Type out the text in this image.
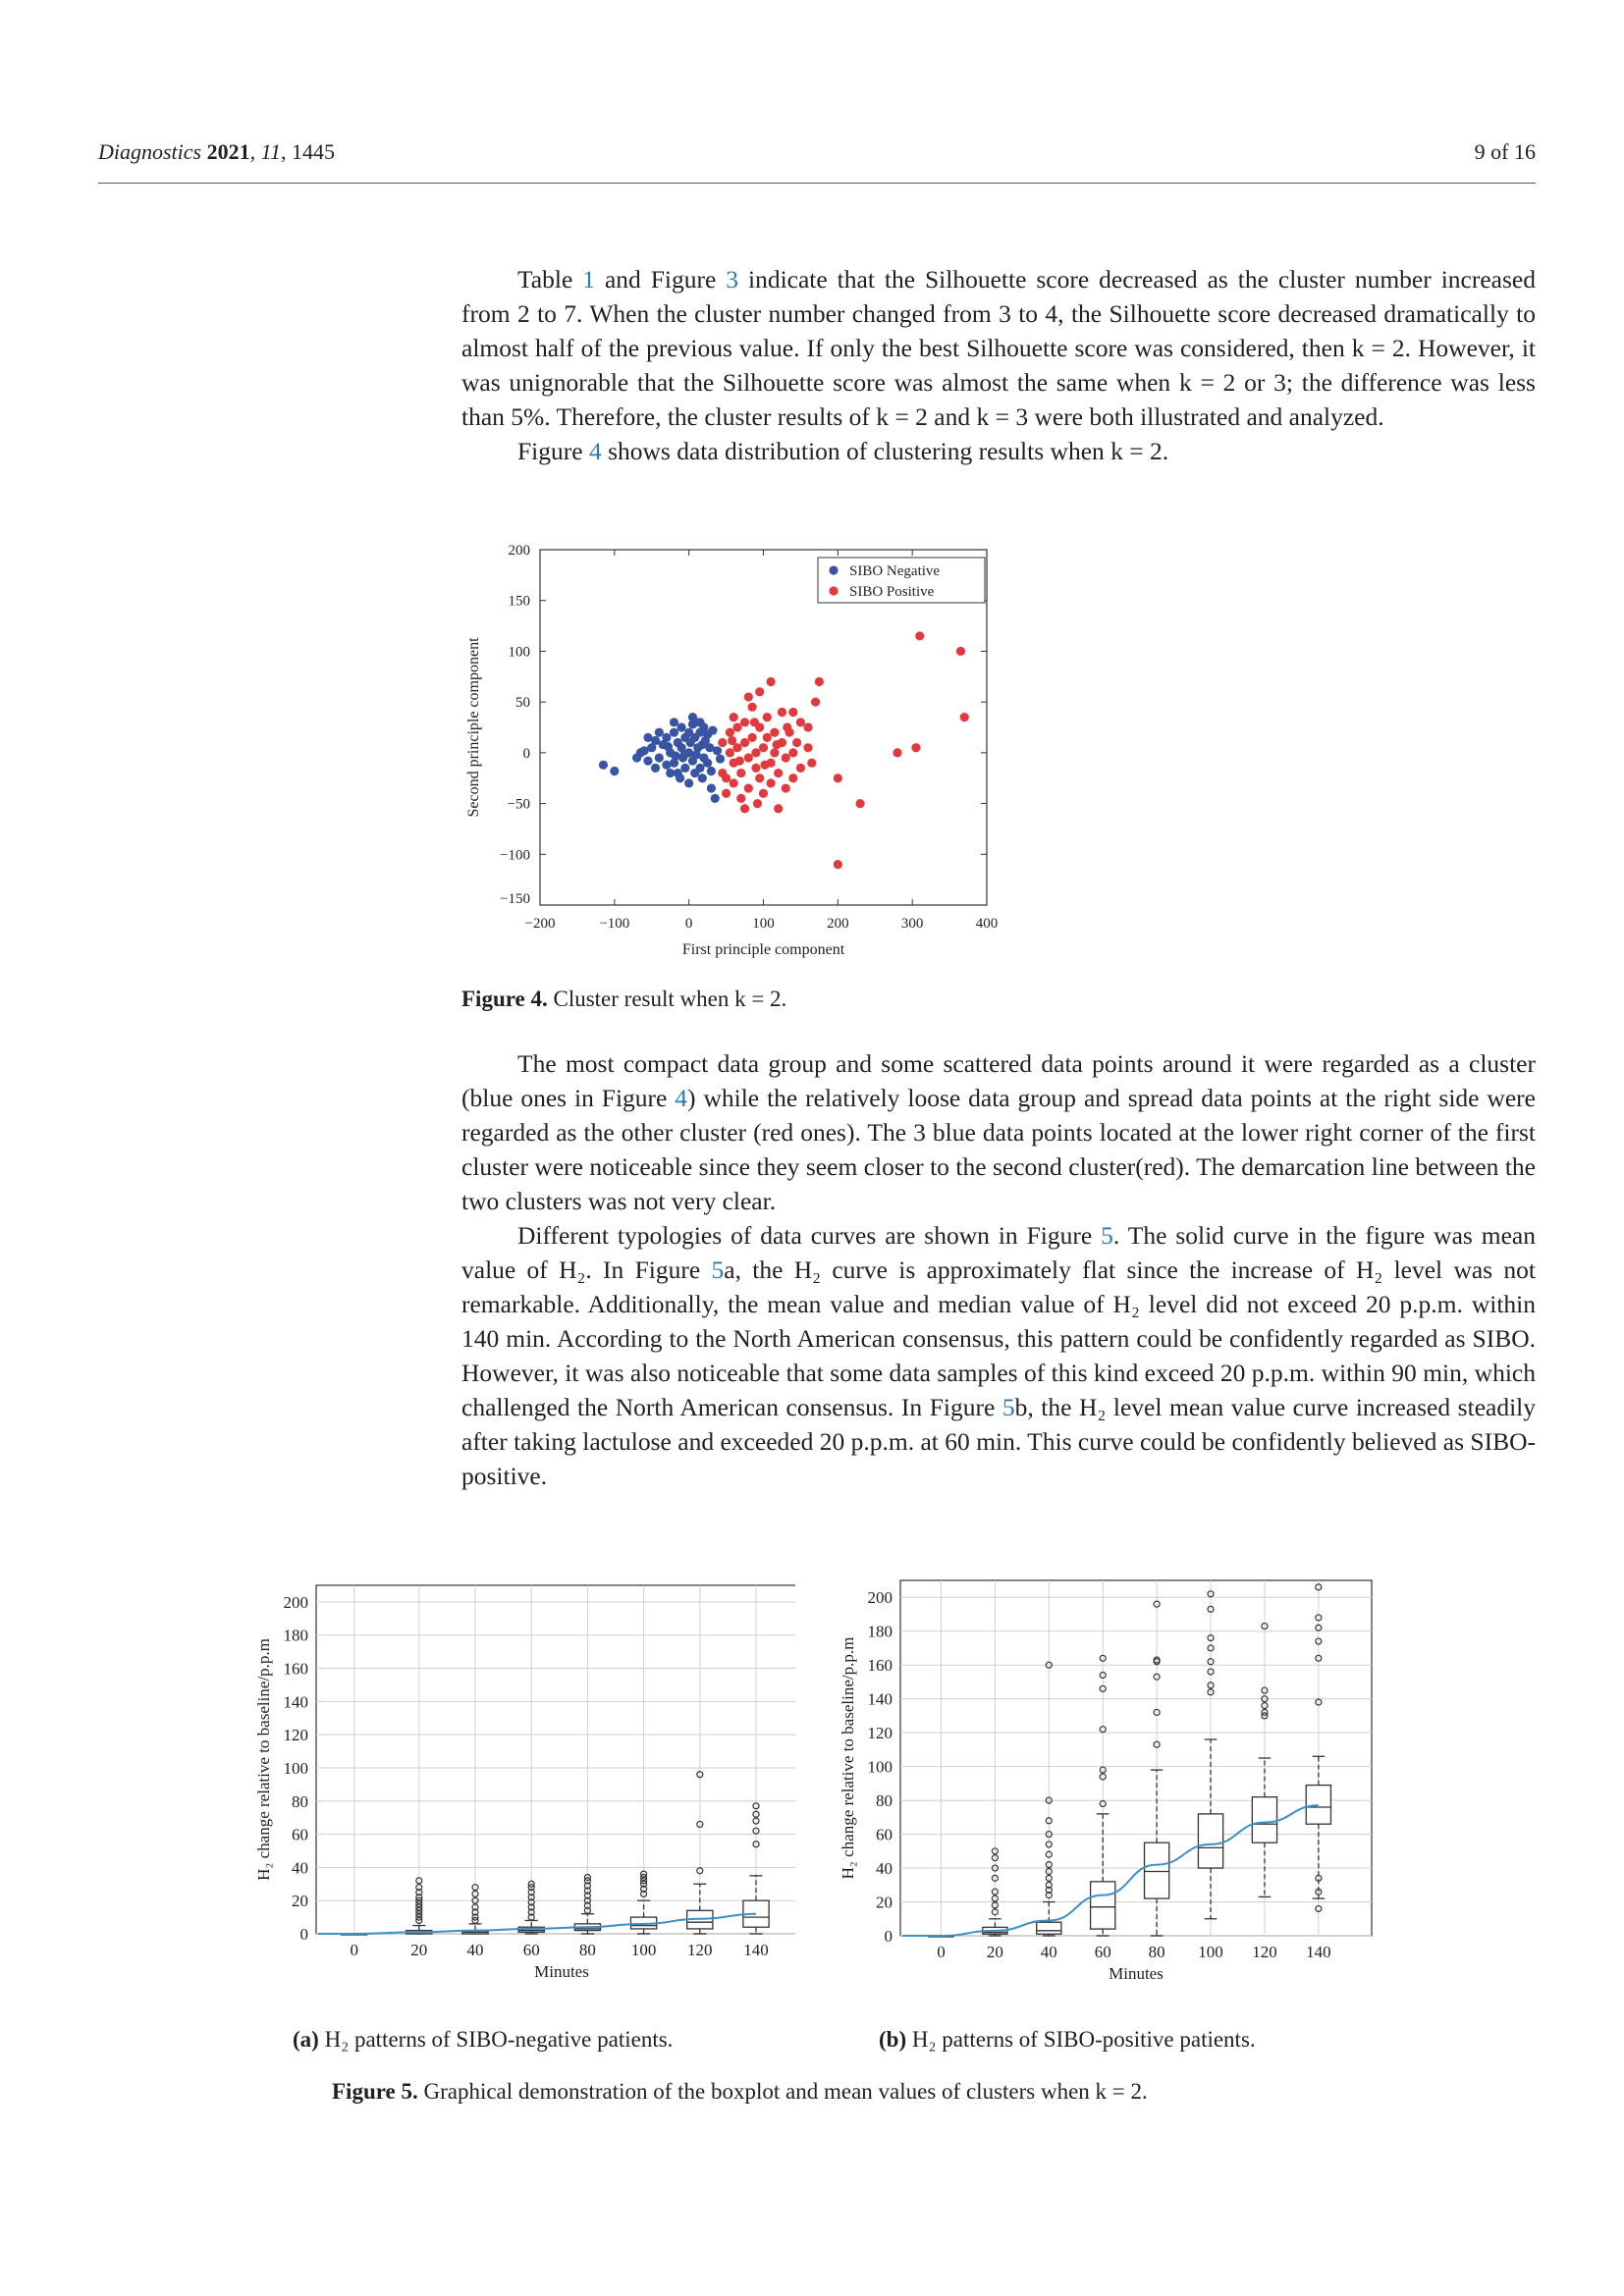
Diagnostics 2021, 11, 1445	9 of 16

Table 1 and Figure 3 indicate that the Silhouette score decreased as the cluster number increased from 2 to 7. When the cluster number changed from 3 to 4, the Silhouette score decreased dramatically to almost half of the previous value. If only the best Silhouette score was considered, then k = 2. However, it was unignorable that the Silhouette score was almost the same when k = 2 or 3; the difference was less than 5%. Therefore, the cluster results of k = 2 and k = 3 were both illustrated and analyzed.

Figure 4 shows data distribution of clustering results when k = 2.

−150
−100
−50
0
50
100
150
200
−200	−100	0	100	200	300	400
First principle component
Second principle component
SIBO Negative
SIBO Positive
Figure 4. Cluster result when k = 2.

The most compact data group and some scattered data points around it were regarded as a cluster (blue ones in Figure 4) while the relatively loose data group and spread data points at the right side were regarded as the other cluster (red ones). The 3 blue data points located at the lower right corner of the first cluster were noticeable since they seem closer to the second cluster(red). The demarcation line between the two clusters was not very clear.

Different typologies of data curves are shown in Figure 5. The solid curve in the figure was mean value of H₂. In Figure 5a, the H₂ curve is approximately flat since the increase of H₂ level was not remarkable. Additionally, the mean value and median value of H₂ level did not exceed 20 p.p.m. within 140 min. According to the North American consensus, this pattern could be confidently regarded as SIBO. However, it was also noticeable that some data samples of this kind exceed 20 p.p.m. within 90 min, which challenged the North American consensus. In Figure 5b, the H₂ level mean value curve increased steadily after taking lactulose and exceeded 20 p.p.m. at 60 min. This curve could be confidently believed as SIBO-positive.

0
20
40
60
80
100
120
140
160
180
200
0	20 40 60 80 100 120 140
Minutes
H₂ change relative to baseline/p.p.m
0
20
40
60
80
100
120
140
160
180
200
0 20 40 60 80 100 120 140
Minutes
H₂ change relative to baseline/p.p.m
(a) H₂ patterns of SIBO-negative patients.	(b) H₂ patterns of SIBO-positive patients.
Figure 5. Graphical demonstration of the boxplot and mean values of clusters when k = 2.
